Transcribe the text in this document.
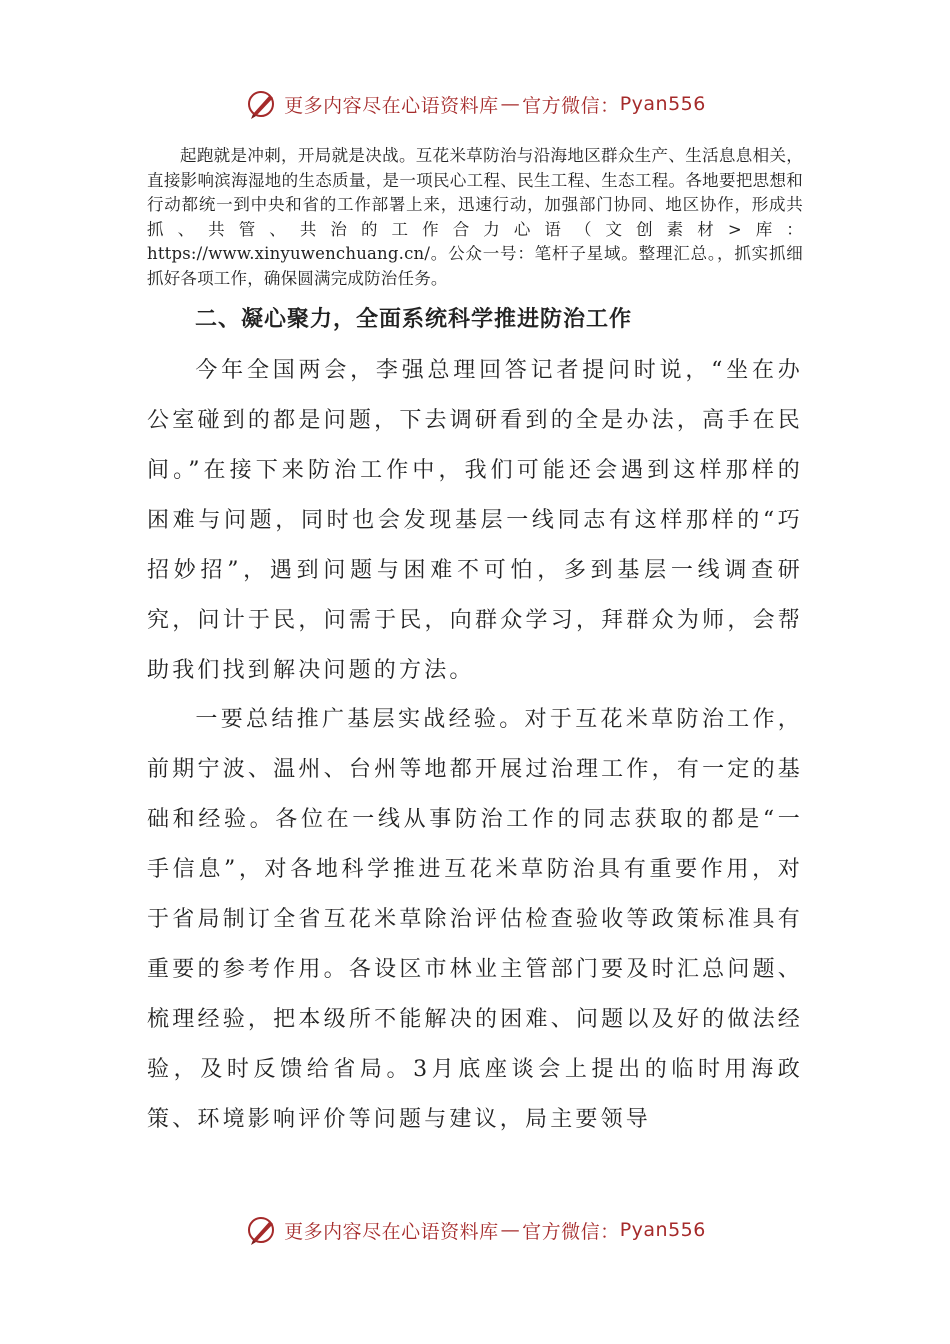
更多内容尽在心语资料库 — 官方微信： Pyan556

起跑就是冲刺，开局就是决战。互花米草防治与沿海地区群众生产、生活息息相关，直接影响滨海湿地的生态质量，是一项民心工程、民生工程、生态工程。各地要把思想和行动都统一到中央和省的工作部署上来，迅速行动，加强部门协同、地区协作，形成共抓、共管、共治的工作合力心语（文创素材>库：https://www.xinyuwenchuang.cn/。公众一号：笔杆子星域。整理汇总。，抓实抓细抓好各项工作，确保圆满完成防治任务。

二、凝心聚力，全面系统科学推进防治工作

今年全国两会，李强总理回答记者提问时说，“坐在办公室碰到的都是问题，下去调研看到的全是办法，高手在民间。”在接下来防治工作中，我们可能还会遇到这样那样的困难与问题，同时也会发现基层一线同志有这样那样的“巧招妙招”，遇到问题与困难不可怕，多到基层一线调查研究，问计于民，问需于民，向群众学习，拜群众为师，会帮助我们找到解决问题的方法。

一要总结推广基层实战经验。对于互花米草防治工作，前期宁波、温州、台州等地都开展过治理工作，有一定的基础和经验。各位在一线从事防治工作的同志获取的都是“一手信息”，对各地科学推进互花米草防治具有重要作用，对于省局制订全省互花米草除治评估检查验收等政策标准具有重要的参考作用。各设区市林业主管部门要及时汇总问题、梳理经验，把本级所不能解决的困难、问题以及好的做法经验，及时反馈给省局。3月底座谈会上提出的临时用海政策、环境影响评价等问题与建议，局主要领导

更多内容尽在心语资料库 — 官方微信： Pyan556
